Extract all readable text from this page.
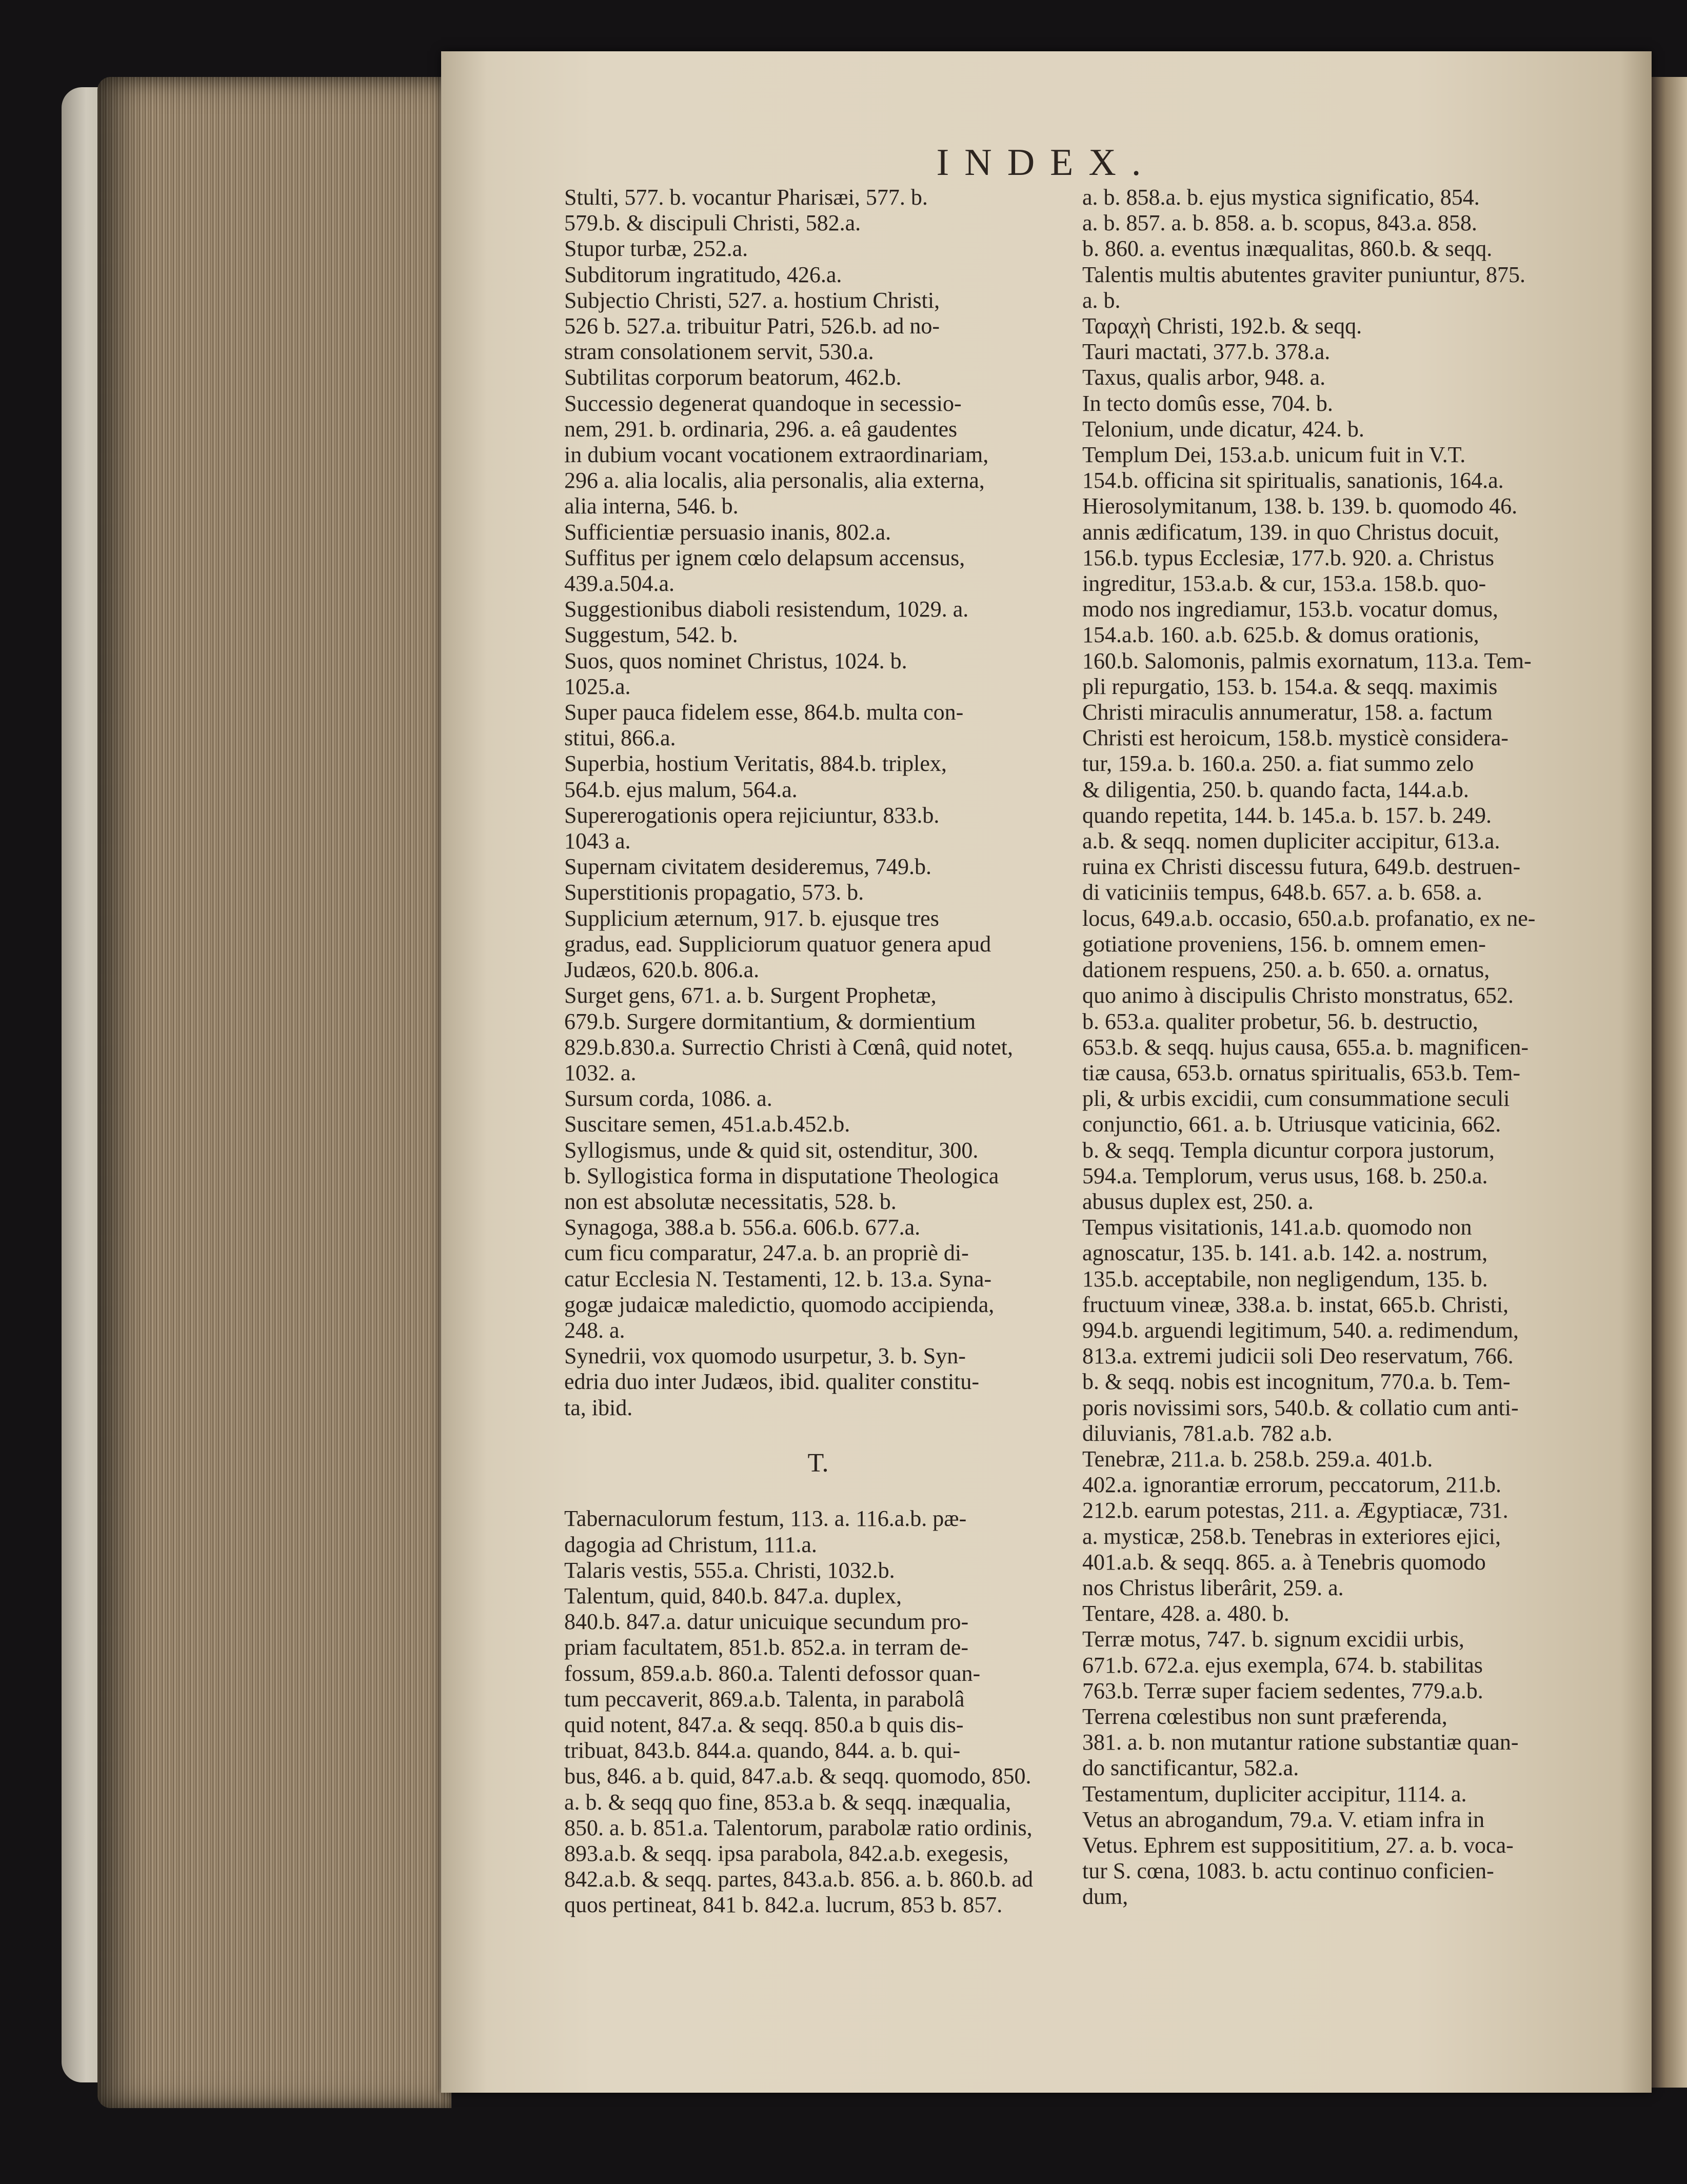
INDEX.

Stulti, 577. b. vocantur Pharisæi, 577. b.

579.b. & discipuli Christi, 582.a.

Stupor turbæ, 252.a.

Subditorum ingratitudo, 426.a.

Subjectio Christi, 527. a. hostium Christi,

526 b. 527.a. tribuitur Patri, 526.b. ad no-

stram consolationem servit, 530.a.

Subtilitas corporum beatorum, 462.b.

Successio degenerat quandoque in secessio-

nem, 291. b. ordinaria, 296. a. eâ gaudentes

in dubium vocant vocationem extraordinariam,

296 a. alia localis, alia personalis, alia externa,

alia interna, 546. b.

Sufficientiæ persuasio inanis, 802.a.

Suffitus per ignem cœlo delapsum accensus,

439.a.504.a.

Suggestionibus diaboli resistendum, 1029. a.

Suggestum, 542. b.

Suos, quos nominet Christus, 1024. b.

1025.a.

Super pauca fidelem esse, 864.b. multa con-

stitui, 866.a.

Superbia, hostium Veritatis, 884.b. triplex,

564.b. ejus malum, 564.a.

Supererogationis opera rejiciuntur, 833.b.

1043 a.

Supernam civitatem desideremus, 749.b.

Superstitionis propagatio, 573. b.

Supplicium æternum, 917. b. ejusque tres

gradus, ead. Suppliciorum quatuor genera apud

Judæos, 620.b. 806.a.

Surget gens, 671. a. b. Surgent Prophetæ,

679.b. Surgere dormitantium, & dormientium

829.b.830.a. Surrectio Christi à Cœnâ, quid notet,

1032. a.

Sursum corda, 1086. a.

Suscitare semen, 451.a.b.452.b.

Syllogismus, unde & quid sit, ostenditur, 300.

b. Syllogistica forma in disputatione Theologica

non est absolutæ necessitatis, 528. b.

Synagoga, 388.a b. 556.a. 606.b. 677.a.

cum ficu comparatur, 247.a. b. an propriè di-

catur Ecclesia N. Testamenti, 12. b. 13.a. Syna-

gogæ judaicæ maledictio, quomodo accipienda,

248. a.

Synedrii, vox quomodo usurpetur, 3. b. Syn-

edria duo inter Judæos, ibid. qualiter constitu-

ta, ibid.

T.

Tabernaculorum festum, 113. a. 116.a.b. pæ-

dagogia ad Christum, 111.a.

Talaris vestis, 555.a. Christi, 1032.b.

Talentum, quid, 840.b. 847.a. duplex,

840.b. 847.a. datur unicuique secundum pro-

priam facultatem, 851.b. 852.a. in terram de-

fossum, 859.a.b. 860.a. Talenti defossor quan-

tum peccaverit, 869.a.b. Talenta, in parabolâ

quid notent, 847.a. & seqq. 850.a b quis dis-

tribuat, 843.b. 844.a. quando, 844. a. b. qui-

bus, 846. a b. quid, 847.a.b. & seqq. quomodo, 850.

a. b. & seqq quo fine, 853.a b. & seqq. inæqualia,

850. a. b. 851.a. Talentorum, parabolæ ratio ordinis,

893.a.b. & seqq. ipsa parabola, 842.a.b. exegesis,

842.a.b. & seqq. partes, 843.a.b. 856. a. b. 860.b. ad

quos pertineat, 841 b. 842.a. lucrum, 853 b. 857.

a. b. 858.a. b. ejus mystica significatio, 854.

a. b. 857. a. b. 858. a. b. scopus, 843.a. 858.

b. 860. a. eventus inæqualitas, 860.b. & seqq.

Talentis multis abutentes graviter puniuntur, 875.

a. b.

Ταραχὴ Christi, 192.b. & seqq.

Tauri mactati, 377.b. 378.a.

Taxus, qualis arbor, 948. a.

In tecto domûs esse, 704. b.

Telonium, unde dicatur, 424. b.

Templum Dei, 153.a.b. unicum fuit in V.T.

154.b. officina sit spiritualis, sanationis, 164.a.

Hierosolymitanum, 138. b. 139. b. quomodo 46.

annis ædificatum, 139. in quo Christus docuit,

156.b. typus Ecclesiæ, 177.b. 920. a. Christus

ingreditur, 153.a.b. & cur, 153.a. 158.b. quo-

modo nos ingrediamur, 153.b. vocatur domus,

154.a.b. 160. a.b. 625.b. & domus orationis,

160.b. Salomonis, palmis exornatum, 113.a. Tem-

pli repurgatio, 153. b. 154.a. & seqq. maximis

Christi miraculis annumeratur, 158. a. factum

Christi est heroicum, 158.b. mysticè considera-

tur, 159.a. b. 160.a. 250. a. fiat summo zelo

& diligentia, 250. b. quando facta, 144.a.b.

quando repetita, 144. b. 145.a. b. 157. b. 249.

a.b. & seqq. nomen dupliciter accipitur, 613.a.

ruina ex Christi discessu futura, 649.b. destruen-

di vaticiniis tempus, 648.b. 657. a. b. 658. a.

locus, 649.a.b. occasio, 650.a.b. profanatio, ex ne-

gotiatione proveniens, 156. b. omnem emen-

dationem respuens, 250. a. b. 650. a. ornatus,

quo animo à discipulis Christo monstratus, 652.

b. 653.a. qualiter probetur, 56. b. destructio,

653.b. & seqq. hujus causa, 655.a. b. magnificen-

tiæ causa, 653.b. ornatus spiritualis, 653.b. Tem-

pli, & urbis excidii, cum consummatione seculi

conjunctio, 661. a. b. Utriusque vaticinia, 662.

b. & seqq. Templa dicuntur corpora justorum,

594.a. Templorum, verus usus, 168. b. 250.a.

abusus duplex est, 250. a.

Tempus visitationis, 141.a.b. quomodo non

agnoscatur, 135. b. 141. a.b. 142. a. nostrum,

135.b. acceptabile, non negligendum, 135. b.

fructuum vineæ, 338.a. b. instat, 665.b. Christi,

994.b. arguendi legitimum, 540. a. redimendum,

813.a. extremi judicii soli Deo reservatum, 766.

b. & seqq. nobis est incognitum, 770.a. b. Tem-

poris novissimi sors, 540.b. & collatio cum anti-

diluvianis, 781.a.b. 782 a.b.

Tenebræ, 211.a. b. 258.b. 259.a. 401.b.

402.a. ignorantiæ errorum, peccatorum, 211.b.

212.b. earum potestas, 211. a. Ægyptiacæ, 731.

a. mysticæ, 258.b. Tenebras in exteriores ejici,

401.a.b. & seqq. 865. a. à Tenebris quomodo

nos Christus liberârit, 259. a.

Tentare, 428. a. 480. b.

Terræ motus, 747. b. signum excidii urbis,

671.b. 672.a. ejus exempla, 674. b. stabilitas

763.b. Terræ super faciem sedentes, 779.a.b.

Terrena cœlestibus non sunt præferenda,

381. a. b. non mutantur ratione substantiæ quan-

do sanctificantur, 582.a.

Testamentum, dupliciter accipitur, 1114. a.

Vetus an abrogandum, 79.a. V. etiam infra in

Vetus. Ephrem est supposititium, 27. a. b. voca-

tur S. cœna, 1083. b. actu continuo conficien-

dum,
